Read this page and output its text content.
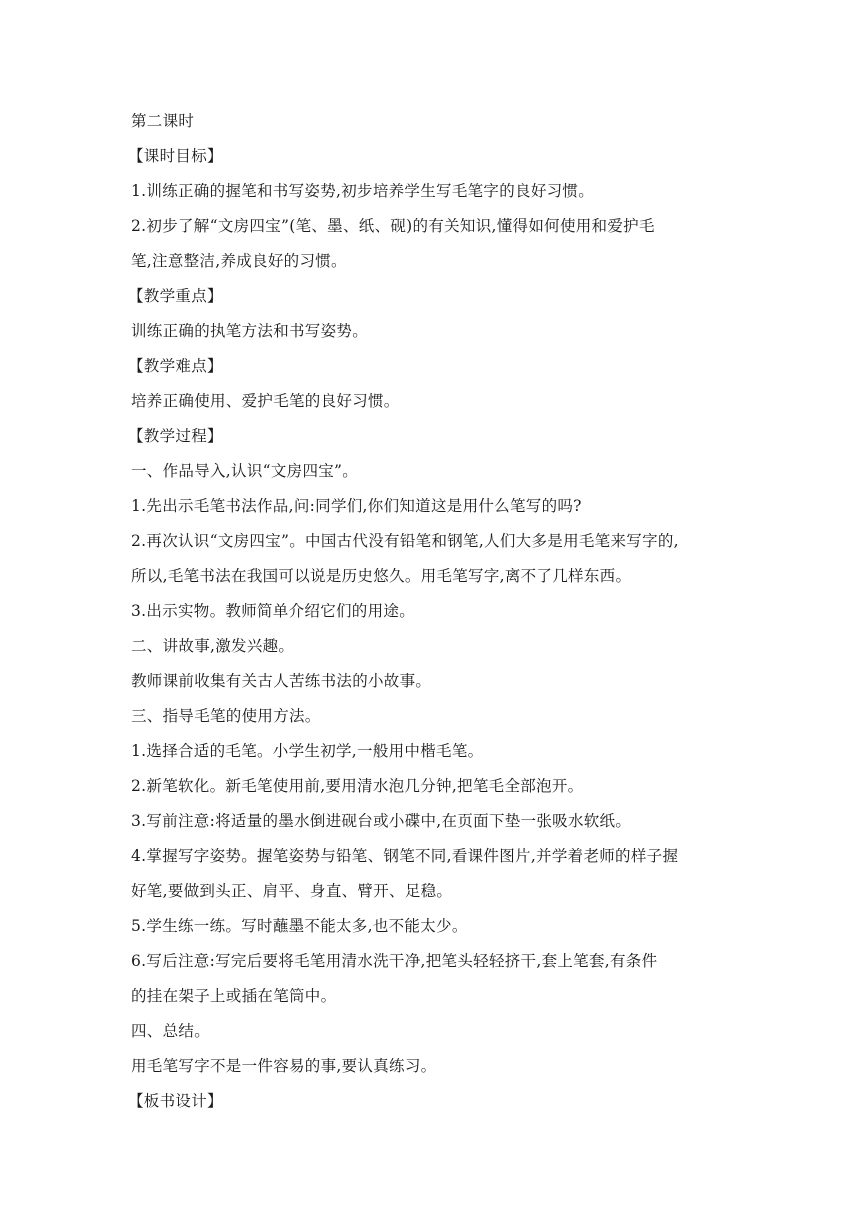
第二课时
【课时目标】
1.训练正确的握笔和书写姿势,初步培养学生写毛笔字的良好习惯。
2.初步了解“文房四宝”(笔、墨、纸、砚)的有关知识,懂得如何使用和爱护毛
笔,注意整洁,养成良好的习惯。
【教学重点】
训练正确的执笔方法和书写姿势。
【教学难点】
培养正确使用、爱护毛笔的良好习惯。
【教学过程】
一、作品导入,认识“文房四宝”。
1.先出示毛笔书法作品,问:同学们,你们知道这是用什么笔写的吗?
2.再次认识“文房四宝”。中国古代没有铅笔和钢笔,人们大多是用毛笔来写字的,
所以,毛笔书法在我国可以说是历史悠久。用毛笔写字,离不了几样东西。
3.出示实物。教师简单介绍它们的用途。
二、讲故事,激发兴趣。
教师课前收集有关古人苦练书法的小故事。
三、指导毛笔的使用方法。
1.选择合适的毛笔。小学生初学,一般用中楷毛笔。
2.新笔软化。新毛笔使用前,要用清水泡几分钟,把笔毛全部泡开。
3.写前注意:将适量的墨水倒进砚台或小碟中,在页面下垫一张吸水软纸。
4.掌握写字姿势。握笔姿势与铅笔、钢笔不同,看课件图片,并学着老师的样子握
好笔,要做到头正、肩平、身直、臂开、足稳。
5.学生练一练。写时蘸墨不能太多,也不能太少。
6.写后注意:写完后要将毛笔用清水洗干净,把笔头轻轻挤干,套上笔套,有条件
的挂在架子上或插在笔筒中。
四、总结。
用毛笔写字不是一件容易的事,要认真练习。
【板书设计】
